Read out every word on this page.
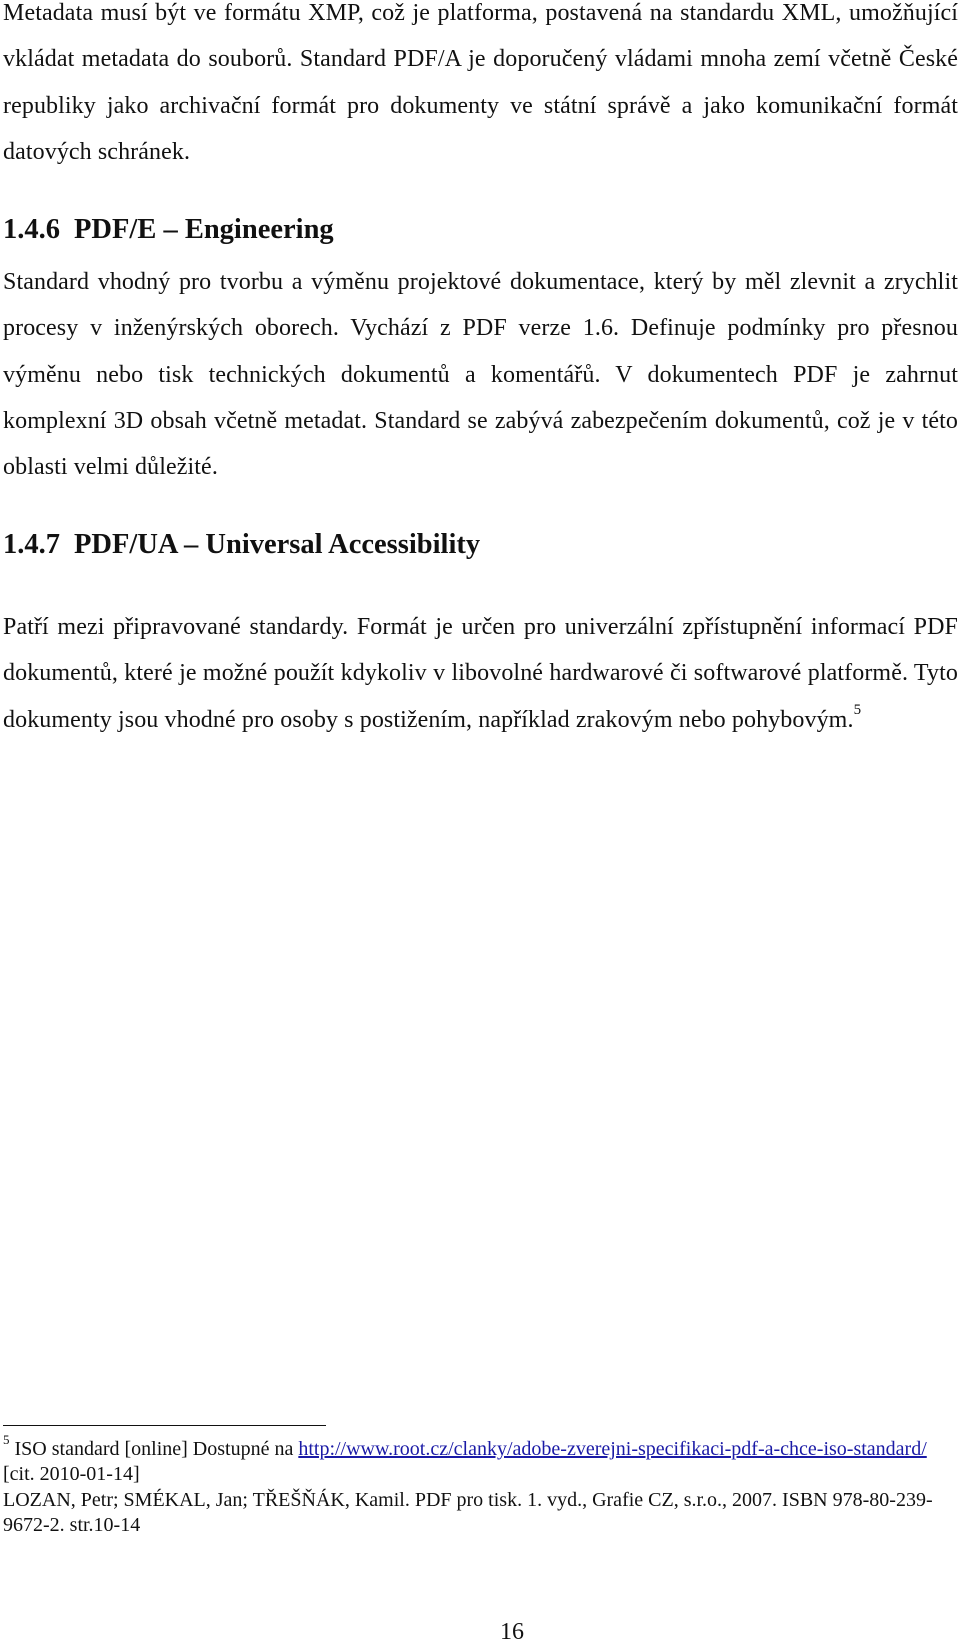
Metadata musí být ve formátu XMP, což je platforma, postavená na standardu XML, umožňující vkládat metadata do souborů. Standard PDF/A je doporučený vládami mnoha zemí včetně České republiky jako archivační formát pro dokumenty ve státní správě a jako komunikační formát datových schránek.

1.4.6 PDF/E – Engineering

Standard vhodný pro tvorbu a výměnu projektové dokumentace, který by měl zlevnit a zrychlit procesy v inženýrských oborech. Vychází z PDF verze 1.6. Definuje podmínky pro přesnou výměnu nebo tisk technických dokumentů a komentářů. V dokumentech PDF je zahrnut komplexní 3D obsah včetně metadat. Standard se zabývá zabezpečením dokumentů, což je v této oblasti velmi důležité.

1.4.7 PDF/UA – Universal Accessibility

Patří mezi připravované standardy. Formát je určen pro univerzální zpřístupnění informací PDF dokumentů, které je možné použít kdykoliv v libovolné hardwarové či softwarové platformě. Tyto dokumenty jsou vhodné pro osoby s postižením, například zrakovým nebo pohybovým.$^5$

$^5$ ISO standard [online] Dostupné na http://www.root.cz/clanky/adobe-zverejni-specifikaci-pdf-a-chce-iso-standard/ [cit. 2010-01-14]
LOZAN, Petr; SMÉKAL, Jan; TŘEŠŇÁK, Kamil. PDF pro tisk. 1. vyd., Grafie CZ, s.r.o., 2007. ISBN 978-80-239-9672-2. str.10-14
16
